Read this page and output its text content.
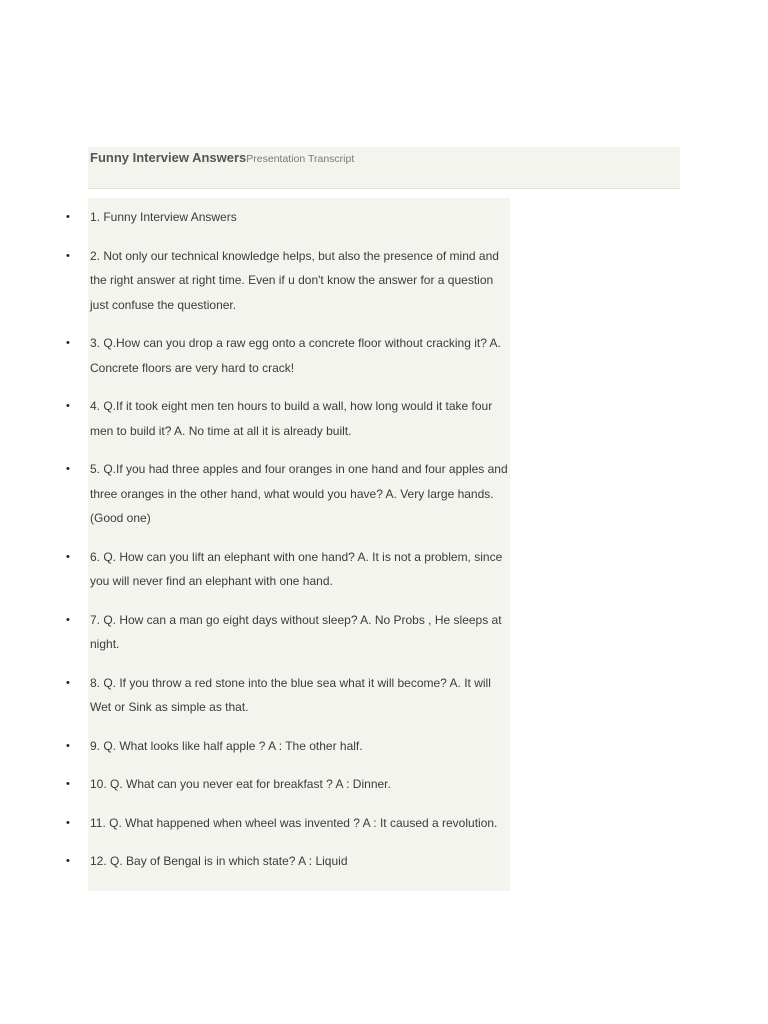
Funny Interview AnswersPresentation Transcript
• 1. Funny Interview Answers
• 2. Not only our technical knowledge helps, but also the presence of mind and the right answer at right time. Even if u don't know the answer for a question just confuse the questioner.
• 3. Q.How can you drop a raw egg onto a concrete floor without cracking it? A. Concrete floors are very hard to crack!
• 4. Q.If it took eight men ten hours to build a wall, how long would it take four men to build it? A. No time at all it is already built.
• 5. Q.If you had three apples and four oranges in one hand and four apples and three oranges in the other hand, what would you have? A. Very large hands.(Good one)
• 6. Q. How can you lift an elephant with one hand? A. It is not a problem, since you will never find an elephant with one hand.
• 7. Q. How can a man go eight days without sleep? A. No Probs , He sleeps at night.
• 8. Q. If you throw a red stone into the blue sea what it will become? A. It will Wet or Sink as simple as that.
• 9. Q. What looks like half apple ? A : The other half.
• 10. Q. What can you never eat for breakfast ? A : Dinner.
• 11. Q. What happened when wheel was invented ? A : It caused a revolution.
• 12. Q. Bay of Bengal is in which state? A : Liquid
